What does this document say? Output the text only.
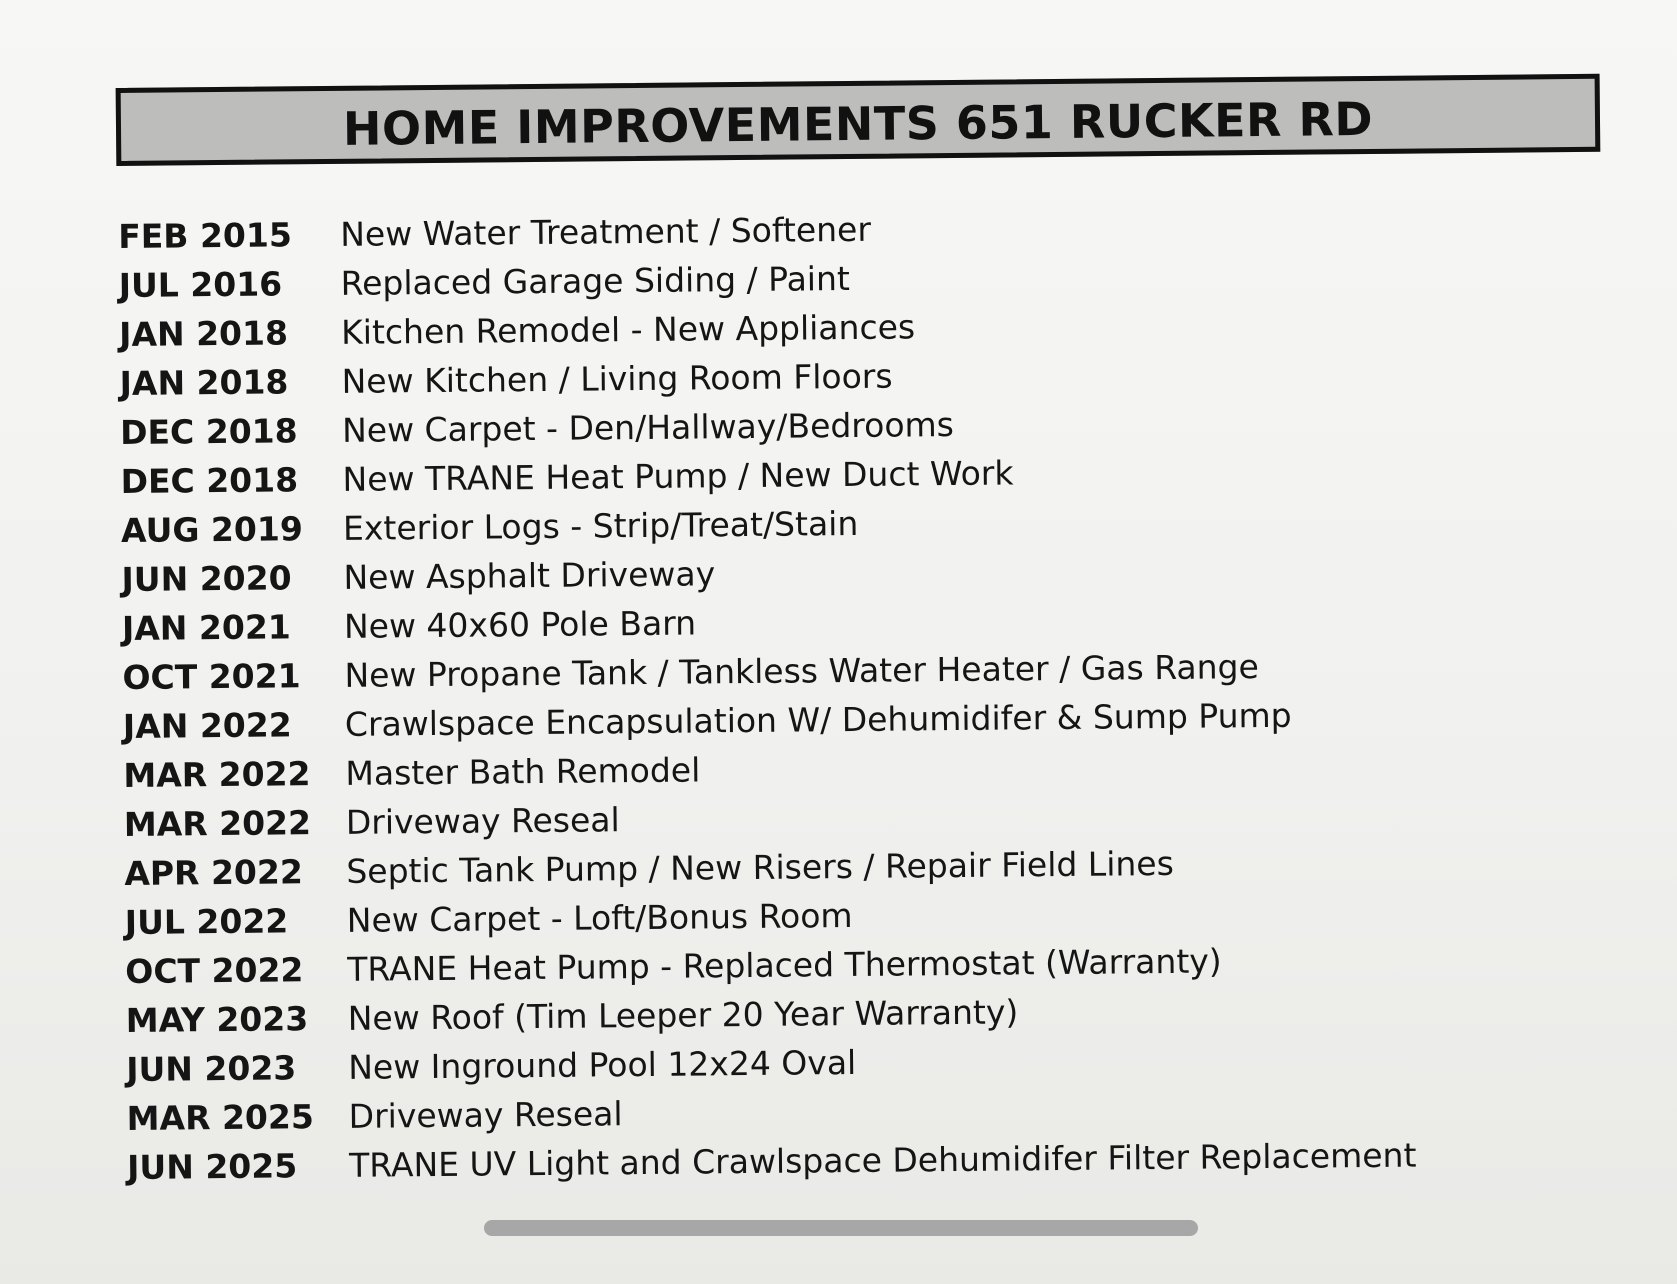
HOME IMPROVEMENTS 651 RUCKER RD
FEB 2015	New Water Treatment / Softener
JUL 2016	Replaced Garage Siding / Paint
JAN 2018	Kitchen Remodel - New Appliances
JAN 2018	New Kitchen / Living Room Floors
DEC 2018	New Carpet - Den/Hallway/Bedrooms
DEC 2018	New TRANE Heat Pump / New Duct Work
AUG 2019	Exterior Logs - Strip/Treat/Stain
JUN 2020	New Asphalt Driveway
JAN 2021	New 40x60 Pole Barn
OCT 2021	New Propane Tank / Tankless Water Heater / Gas Range
JAN 2022	Crawlspace Encapsulation W/ Dehumidifer & Sump Pump
MAR 2022	Master Bath Remodel
MAR 2022	Driveway Reseal
APR 2022	Septic Tank Pump / New Risers / Repair Field Lines
JUL 2022	New Carpet - Loft/Bonus Room
OCT 2022	TRANE Heat Pump - Replaced Thermostat (Warranty)
MAY 2023	New Roof (Tim Leeper 20 Year Warranty)
JUN 2023	New Inground Pool 12x24 Oval
MAR 2025	Driveway Reseal
JUN 2025	TRANE UV Light and Crawlspace Dehumidifer Filter Replacement
